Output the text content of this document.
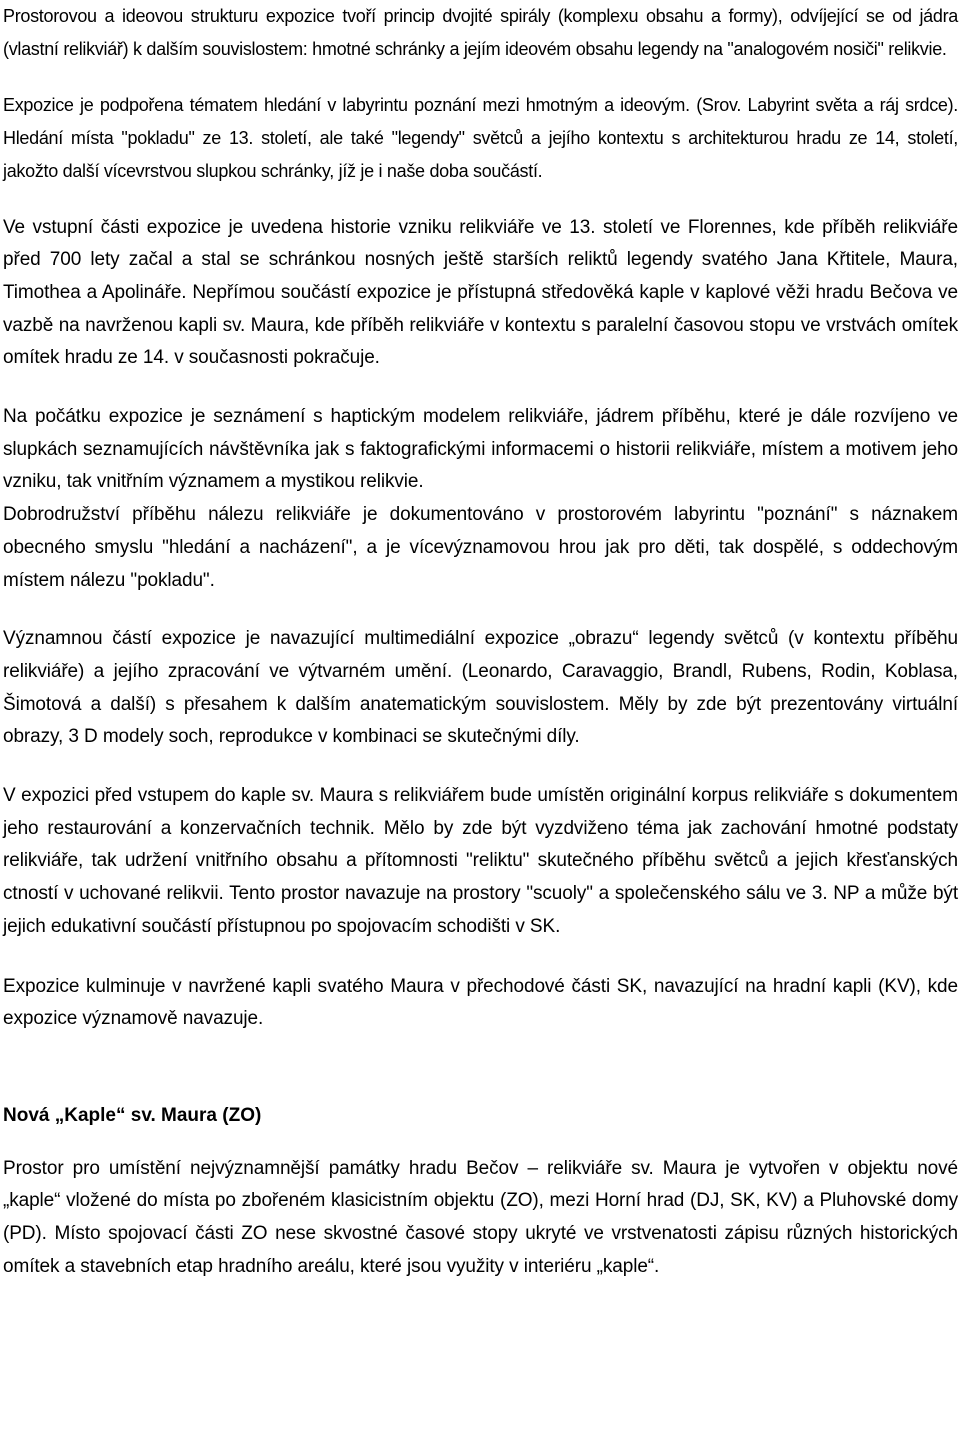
Prostorovou a ideovou strukturu expozice tvoří princip dvojité spirály (komplexu obsahu a formy), odvíjející se od jádra (vlastní relikviář) k dalším souvislostem: hmotné schránky a jejím ideovém obsahu legendy na "analogovém nosiči" relikvie.

Expozice je podpořena tématem hledání v labyrintu poznání mezi hmotným a ideovým. (Srov. Labyrint světa a ráj srdce). Hledání místa "pokladu" ze 13. století, ale také "legendy" světců a jejího kontextu s architekturou hradu ze 14, století, jakožto další vícevrstvou slupkou schránky, jíž je i naše doba součástí.

Ve vstupní části expozice je uvedena historie vzniku relikviáře ve 13. století ve Florennes, kde příběh relikviáře před 700 lety začal a stal se schránkou nosných ještě starších reliktů legendy svatého Jana Křtitele, Maura, Timothea a Apolináře. Nepřímou součástí expozice je přístupná středověká kaple v kaplové věži hradu Bečova ve vazbě na navrženou kapli sv. Maura, kde příběh relikviáře v kontextu s paralelní časovou stopu ve vrstvách omítek omítek hradu ze 14. v současnosti pokračuje.

Na počátku expozice je seznámení s haptickým modelem relikviáře, jádrem příběhu, které je dále rozvíjeno ve slupkách seznamujících návštěvníka jak s faktografickými informacemi o historii relikviáře, místem a motivem jeho vzniku, tak vnitřním významem a mystikou relikvie.

Dobrodružství příběhu nálezu relikviáře je dokumentováno v prostorovém labyrintu "poznání" s náznakem obecného smyslu "hledání a nacházení", a je vícevýznamovou hrou jak pro děti, tak dospělé, s oddechovým místem nálezu "pokladu".

Významnou částí expozice je navazující multimediální expozice „obrazu“ legendy světců (v kontextu příběhu relikviáře) a jejího zpracování ve výtvarném umění. (Leonardo, Caravaggio, Brandl, Rubens, Rodin, Koblasa, Šimotová a další) s přesahem k dalším anatematickým souvislostem. Měly by zde být prezentovány virtuální obrazy, 3 D modely soch, reprodukce v kombinaci se skutečnými díly.

V expozici před vstupem do kaple sv. Maura s relikviářem bude umístěn originální korpus relikviáře s dokumentem jeho restaurování a konzervačních technik. Mělo by zde být vyzdviženo téma jak zachování hmotné podstaty relikviáře, tak udržení vnitřního obsahu a přítomnosti "reliktu" skutečného příběhu světců a jejich křesťanských ctností v uchované relikvii. Tento prostor navazuje na prostory "scuoly" a společenského sálu ve 3. NP a může být jejich edukativní součástí přístupnou po spojovacím schodišti v SK.

Expozice kulminuje v navržené kapli svatého Maura v přechodové části SK, navazující na hradní kapli (KV), kde expozice významově navazuje.

Nová „Kaple“ sv. Maura (ZO)

Prostor pro umístění nejvýznamnější památky hradu Bečov – relikviáře sv. Maura je vytvořen v objektu nové „kaple“ vložené do místa po zbořeném klasicistním objektu (ZO), mezi Horní hrad (DJ, SK, KV) a Pluhovské domy (PD). Místo spojovací části ZO nese skvostné časové stopy ukryté ve vrstvenatosti zápisu různých historických omítek a stavebních etap hradního areálu, které jsou využity v interiéru „kaple“.
